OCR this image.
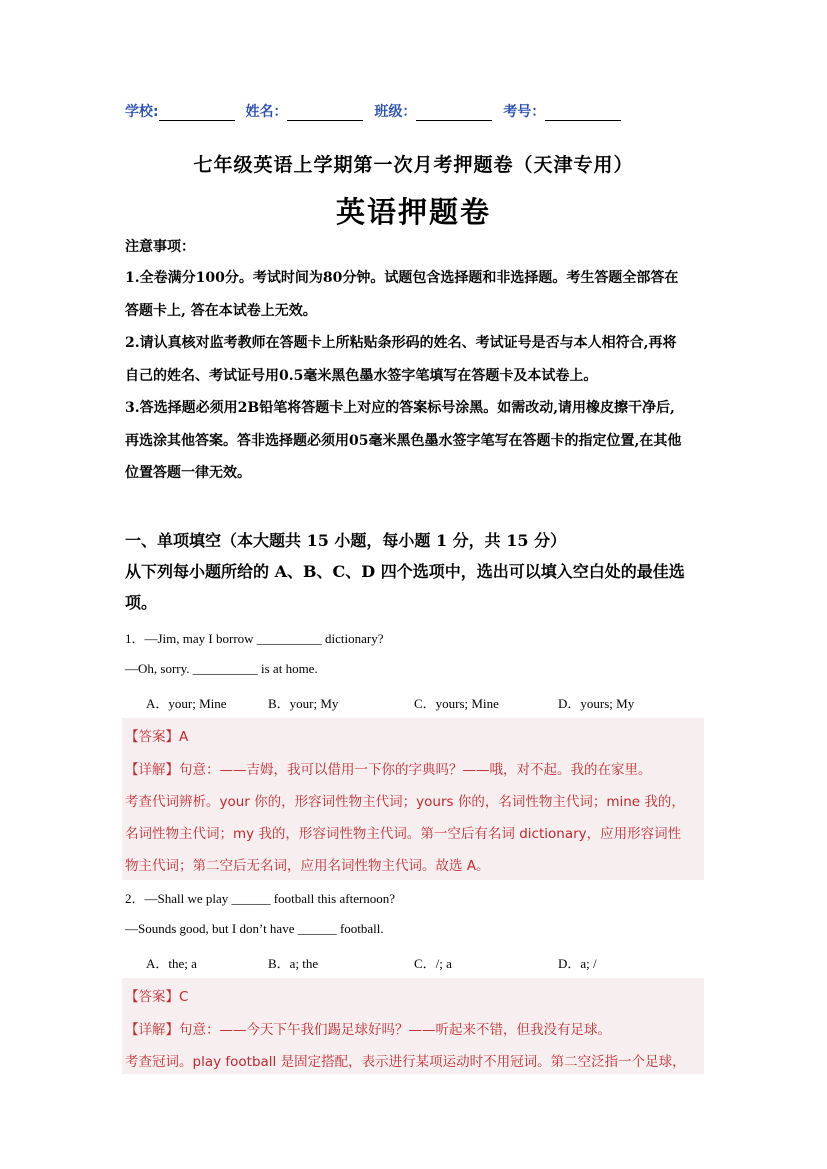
学校:	姓名：	班级：	考号：
七年级英语上学期第一次月考押题卷（天津专用）
英语押题卷

注意事项：

1.全卷满分100分。考试时间为80分钟。试题包含选择题和非选择题。考生答题全部答在

答题卡上, 答在本试卷上无效。

2.请认真核对监考教师在答题卡上所粘贴条形码的姓名、考试证号是否与本人相符合,再将

自己的姓名、考试证号用0.5毫米黑色墨水签字笔填写在答题卡及本试卷上。

3.答选择题必须用2B铅笔将答题卡上对应的答案标号涂黑。如需改动,请用橡皮擦干净后,

再选涂其他答案。答非选择题必须用05毫米黑色墨水签字笔写在答题卡的指定位置,在其他

位置答题一律无效。

一、单项填空（本大题共 15 小题，每小题 1 分，共 15 分）
从下列每小题所给的 A、B、C、D 四个选项中，选出可以填入空白处的最佳选项。
1．—Jim, may I borrow __________ dictionary?
—Oh, sorry. __________ is at home.
A．your; Mine	B．your; My	C．yours; Mine	D．yours; My
【答案】A
【详解】句意：——吉姆，我可以借用一下你的字典吗？——哦，对不起。我的在家里。
考查代词辨析。your 你的，形容词性物主代词；yours 你的，名词性物主代词；mine 我的，
名词性物主代词；my 我的，形容词性物主代词。第一空后有名词 dictionary，应用形容词性
物主代词；第二空后无名词，应用名词性物主代词。故选 A。
2．—Shall we play ______ football this afternoon?
—Sounds good, but I don’t have ______ football.
A．the; a	B．a; the	C．/; a	D．a; /
【答案】C
【详解】句意：——今天下午我们踢足球好吗？——听起来不错，但我没有足球。
考查冠词。play football 是固定搭配，表示进行某项运动时不用冠词。第二空泛指一个足球，
